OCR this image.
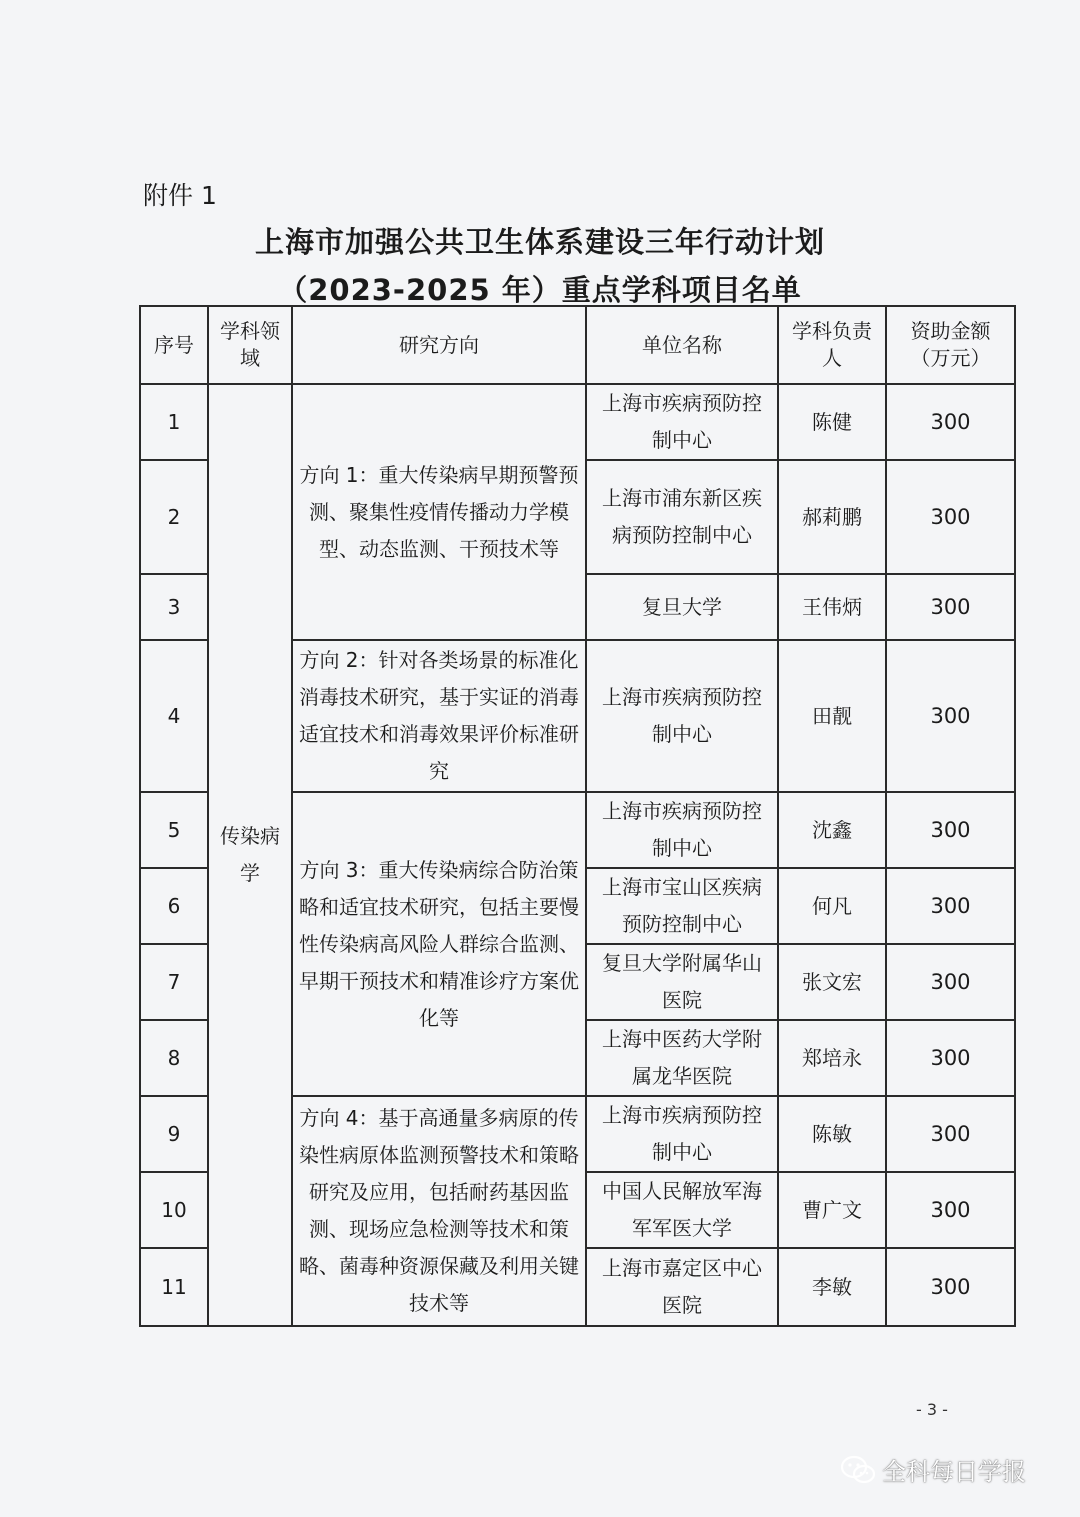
附件 1
上海市加强公共卫生体系建设三年行动计划
（2023-2025 年）重点学科项目名单
序号	学科领域	研究方向	单位名称	学科负责人	资助金额（万元）
1	传染病学	方向 1：重大传染病早期预警预测、聚集性疫情传播动力学模型、动态监测、干预技术等	上海市疾病预防控制中心	陈健	300
2			上海市浦东新区疾病预防控制中心	郝莉鹏	300
3			复旦大学	王伟炳	300
4		方向 2：针对各类场景的标准化消毒技术研究，基于实证的消毒适宜技术和消毒效果评价标准研究	上海市疾病预防控制中心	田靓	300
5		方向 3：重大传染病综合防治策略和适宜技术研究，包括主要慢性传染病高风险人群综合监测、早期干预技术和精准诊疗方案优化等	上海市疾病预防控制中心	沈鑫	300
6			上海市宝山区疾病预防控制中心	何凡	300
7			复旦大学附属华山医院	张文宏	300
8			上海中医药大学附属龙华医院	郑培永	300
9		方向 4：基于高通量多病原的传染性病原体监测预警技术和策略研究及应用，包括耐药基因监测、现场应急检测等技术和策略、菌毒种资源保藏及利用关键技术等	上海市疾病预防控制中心	陈敏	300
10			中国人民解放军海军军医大学	曹广文	300
11			上海市嘉定区中心医院	李敏	300
- 3 -
全科每日学报
